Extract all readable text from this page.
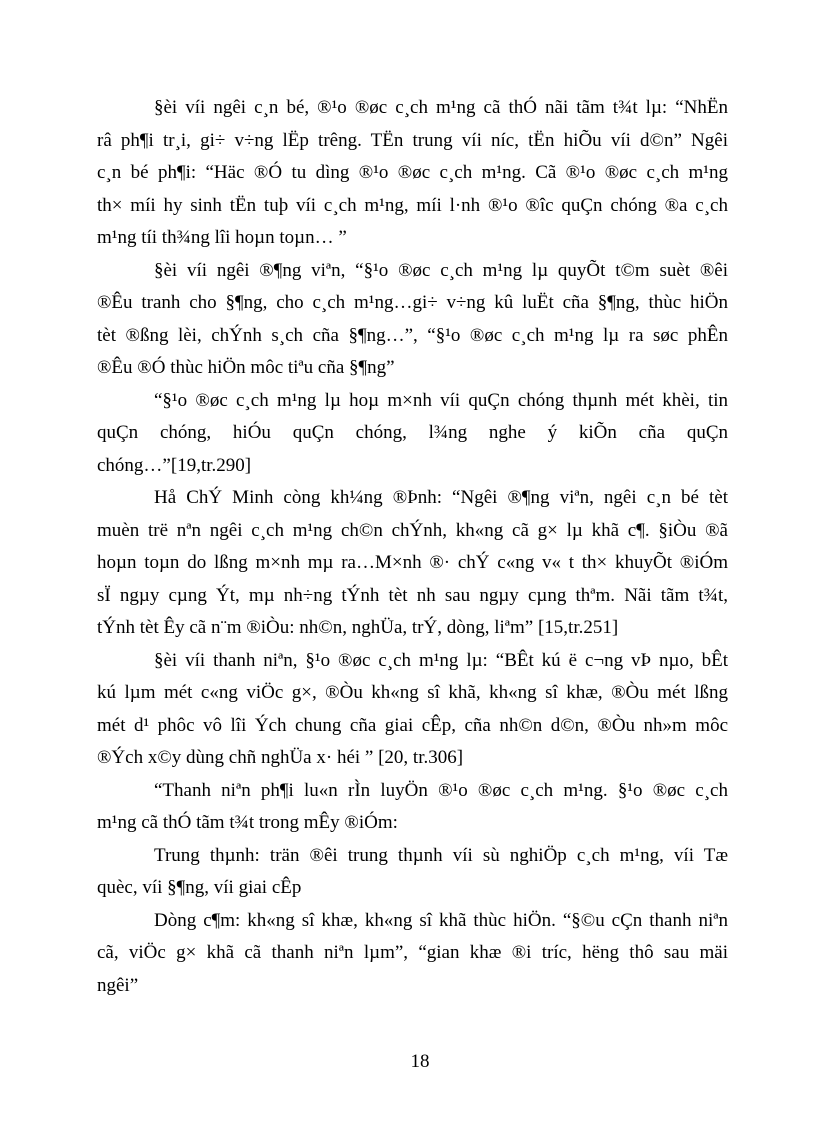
§èi víi ngêi c¸n bé, ®¹o ®øc c¸ch m¹ng cã thÓ nãi tãm t¾t lµ: “NhËn
râ ph¶i tr¸i, gi÷ v÷ng lËp trêng. TËn trung víi níc, tËn hiÕu víi d©n” Ngêi
c¸n bé ph¶i: “Häc ®Ó tu dìng ®¹o ®øc c¸ch m¹ng. Cã ®¹o ®øc c¸ch m¹ng
th× míi hy sinh tËn tuþ víi c¸ch m¹ng, míi l·nh ®¹o ®îc quÇn chóng ®a c¸ch
m¹ng tíi th¾ng lîi hoµn toµn… ”
§èi víi ngêi ®¶ng viªn, “§¹o ®øc c¸ch m¹ng lµ quyÕt t©m suèt ®êi
®Êu tranh cho §¶ng, cho c¸ch m¹ng…gi÷ v÷ng kû luËt cña §¶ng, thùc hiÖn
tèt ®ßng lèi, chÝnh s¸ch cña §¶ng…”, “§¹o ®øc c¸ch m¹ng lµ ra søc phÊn
®Êu ®Ó thùc hiÖn môc tiªu cña §¶ng”
“§¹o ®øc c¸ch m¹ng lµ hoµ m×nh víi quÇn chóng thµnh mét khèi, tin
quÇn chóng, hiÓu quÇn chóng, l¾ng nghe ý kiÕn cña quÇn
chóng…”[19,tr.290]
Hå ChÝ Minh còng kh¼ng ®Þnh: “Ngêi ®¶ng viªn, ngêi c¸n bé tèt
muèn trë nªn ngêi c¸ch m¹ng ch©n chÝnh, kh«ng cã g× lµ khã c¶. §iÒu ®ã
hoµn toµn do lßng m×nh mµ ra…M×nh ®· chÝ c«ng v« t th× khuyÕt ®iÓm
sÏ ngµy cµng Ýt, mµ nh÷ng tÝnh tèt nh sau ngµy cµng thªm. Nãi tãm t¾t,
tÝnh tèt Êy cã n¨m ®iÒu: nh©n, nghÜa, trÝ, dòng, liªm” [15,tr.251]
§èi víi thanh niªn, §¹o ®øc c¸ch m¹ng lµ: “BÊt kú ë c¬ng vÞ nµo, bÊt
kú lµm mét c«ng viÖc g×, ®Òu kh«ng sî khã, kh«ng sî khæ, ®Òu mét lßng
mét d¹ phôc vô lîi Ých chung cña giai cÊp, cña nh©n d©n, ®Òu nh»m môc
®Ých x©y dùng chñ nghÜa x· héi ” [20, tr.306]
“Thanh niªn ph¶i lu«n rÌn luyÖn ®¹o ®øc c¸ch m¹ng. §¹o ®øc c¸ch
m¹ng cã thÓ tãm t¾t trong mÊy ®iÓm:
Trung thµnh: trän ®êi trung thµnh víi sù nghiÖp c¸ch m¹ng, víi Tæ
quèc, víi §¶ng, víi giai cÊp
Dòng c¶m: kh«ng sî khæ, kh«ng sî khã thùc hiÖn. “§©u cÇn thanh niªn
cã, viÖc g× khã cã thanh niªn lµm”, “gian khæ ®i tríc, hëng thô sau mäi
ngêi”
18
